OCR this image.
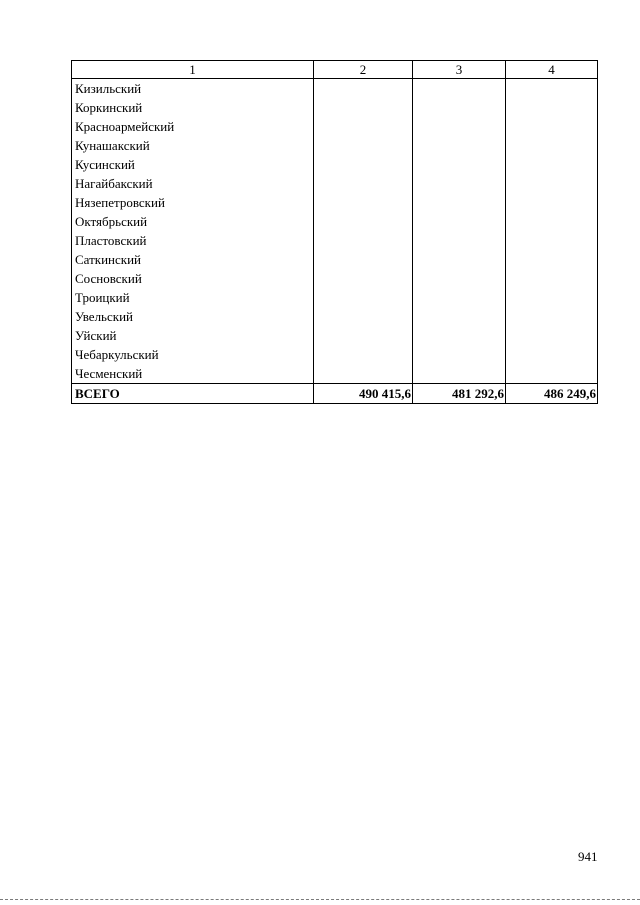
1	2	3	4
Кизильский			
Коркинский			
Красноармейский			
Кунашакский			
Кусинский			
Нагайбакский			
Нязепетровский			
Октябрьский			
Пластовский			
Саткинский			
Сосновский			
Троицкий			
Увельский			
Уйский			
Чебаркульский			
Чесменский			
ВСЕГО	490 415,6	481 292,6	486 249,6
941
